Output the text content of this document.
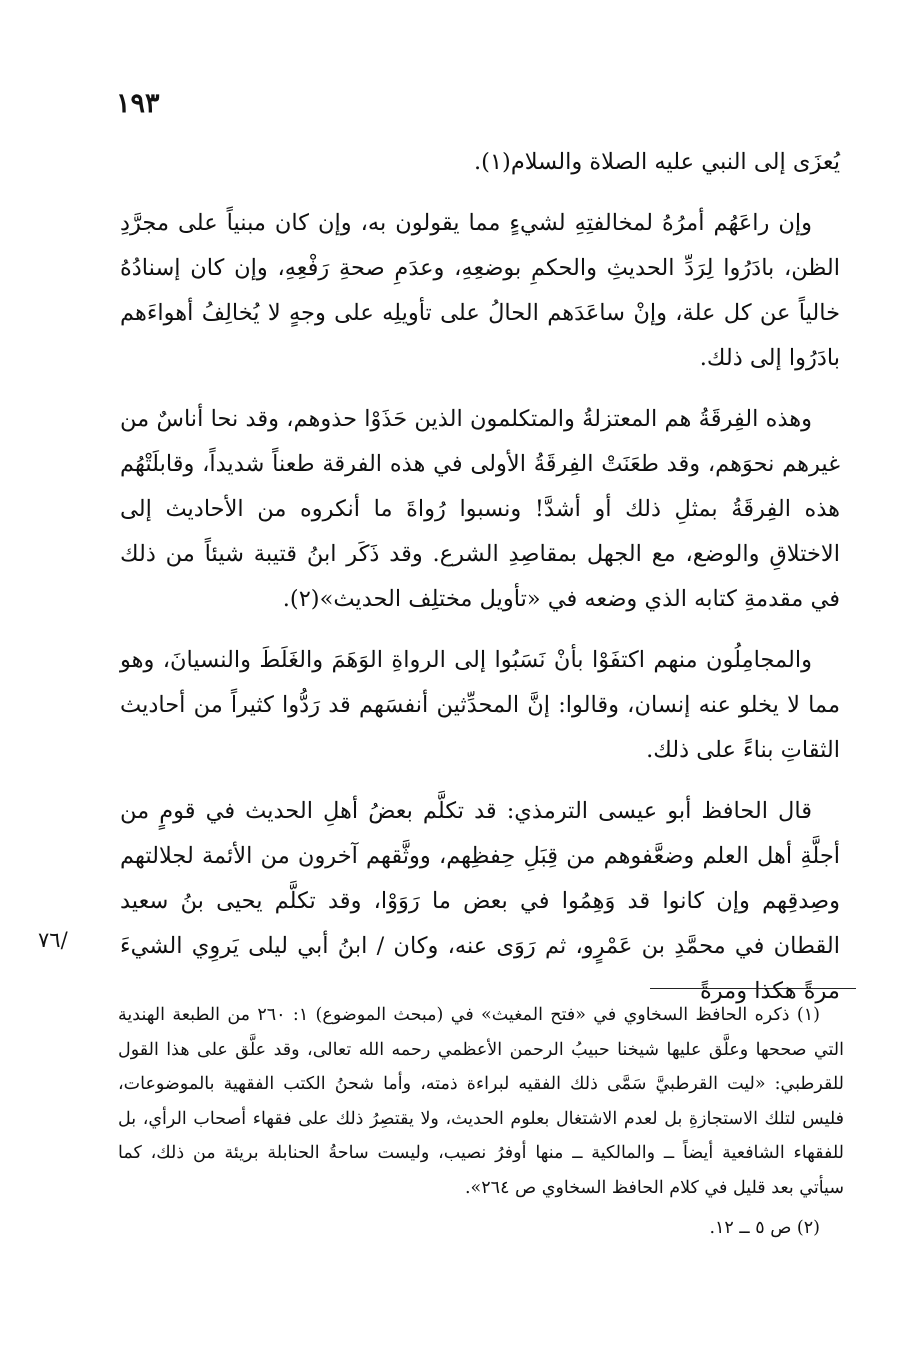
١٩٣

يُعزَى إلى النبي عليه الصلاة والسلام(١).

وإن راعَهُم أمرُهُ لمخالفتِهِ لشيءٍ مما يقولون به، وإن كان مبنياً على مجرَّدِ الظن، بادَرُوا لِرَدِّ الحديثِ والحكمِ بوضعِهِ، وعدَمِ صحةِ رَفْعِهِ، وإن كان إسنادُهُ خالياً عن كل علة، وإنْ ساعَدَهم الحالُ على تأويلِه على وجهٍ لا يُخالِفُ أهواءَهم بادَرُوا إلى ذلك.

وهذه الفِرقَةُ هم المعتزلةُ والمتكلمون الذين حَذَوْا حذوهم، وقد نحا أناسٌ من غيرهم نحوَهم، وقد طعَنَتْ الفِرقَةُ الأولى في هذه الفرقة طعناً شديداً، وقابلَتْهُم هذه الفِرقَةُ بمثلِ ذلك أو أشدَّ! ونسبوا رُواةَ ما أنكروه من الأحاديث إلى الاختلاقِ والوضع، مع الجهل بمقاصِدِ الشرع. وقد ذَكَر ابنُ قتيبة شيئاً من ذلك في مقدمةِ كتابه الذي وضعه في «تأويل مختلِف الحديث»(٢).

والمجامِلُون منهم اكتفَوْا بأنْ نَسَبُوا إلى الرواةِ الوَهَمَ والغَلَطَ والنسيانَ، وهو مما لا يخلو عنه إنسان، وقالوا: إنَّ المحدِّثين أنفسَهم قد رَدُّوا كثيراً من أحاديث الثقاتِ بناءً على ذلك.

قال الحافظ أبو عيسى الترمذي: قد تكلَّم بعضُ أهلِ الحديث في قومٍ من أجلَّةِ أهل العلم وضعَّفوهم من قِبَلِ حِفظِهم، ووثَّقهم آخرون من الأئمة لجلالتهم وصِدقِهم وإن كانوا قد وَهِمُوا في بعض ما رَوَوْا، وقد تكلَّم يحيى بنُ سعيد القطان في محمَّدِ بن عَمْرٍو، ثم رَوَى عنه، وكان / ابنُ أبي ليلى يَروِي الشيءَ مرةً هكذا ومرةً

٧٦/

(١) ذكره الحافظ السخاوي في «فتح المغيث» في (مبحث الموضوع) ١: ٢٦٠ من الطبعة الهندية التي صححها وعلَّق عليها شيخنا حبيبُ الرحمن الأعظمي رحمه الله تعالى، وقد علَّق على هذا القول للقرطبي: «ليت القرطبيَّ سَمَّى ذلك الفقيه لبراءة ذمته، وأما شحنُ الكتب الفقهية بالموضوعات، فليس لتلك الاستجازةِ بل لعدم الاشتغال بعلوم الحديث، ولا يقتصِرُ ذلك على فقهاء أصحاب الرأي، بل للفقهاء الشافعية أيضاً ــ والمالكية ــ منها أوفرُ نصيب، وليست ساحةُ الحنابلة بريئة من ذلك، كما سيأتي بعد قليل في كلام الحافظ السخاوي ص ٢٦٤».

(٢) ص ٥ ــ ١٢.
